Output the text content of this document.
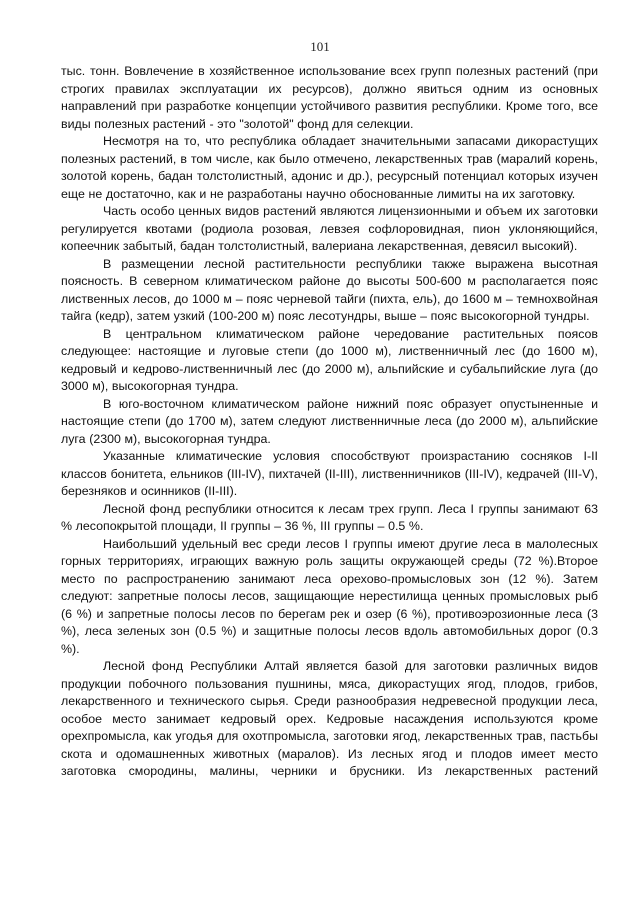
101

тыс. тонн. Вовлечение в хозяйственное использование всех групп полезных растений (при строгих правилах эксплуатации их ресурсов), должно явиться одним из основных направлений при разработке концепции устойчивого развития республики. Кроме того, все виды полезных растений - это "золотой" фонд для селекции.

Несмотря на то, что республика обладает значительными запасами дикорастущих полезных растений, в том числе, как было отмечено, лекарственных трав (маралий корень, золотой корень, бадан толстолистный, адонис и др.), ресурсный потенциал которых изучен еще не достаточно, как и не разработаны научно обоснованные лимиты на их заготовку.

Часть особо ценных видов растений являются лицензионными и объем их заготовки регулируется квотами (родиола розовая, левзея софлоровидная, пион уклоняющийся, копеечник забытый, бадан толстолистный, валериана лекарственная, девясил высокий).

В размещении лесной растительности республики также выражена высотная поясность. В северном климатическом районе до высоты 500-600 м располагается пояс лиственных лесов, до 1000 м – пояс черневой тайги (пихта, ель), до 1600 м – темнохвойная тайга (кедр), затем узкий (100-200 м) пояс лесотундры, выше – пояс высокогорной тундры.

В центральном климатическом районе чередование растительных поясов следующее: настоящие и луговые степи (до 1000 м), лиственничный лес (до 1600 м), кедровый и кедрово-лиственничный лес (до 2000 м), альпийские и субальпийские луга (до 3000 м), высокогорная тундра.

В юго-восточном климатическом районе нижний пояс образует опустыненные и настоящие степи (до 1700 м), затем следуют лиственничные леса (до 2000 м), альпийские луга (2300 м), высокогорная тундра.

Указанные климатические условия способствуют произрастанию сосняков I-II классов бонитета, ельников (III-IV), пихтачей (II-III), лиственничников (III-IV), кедрачей (III-V), березняков и осинников (II-III).

Лесной фонд республики относится к лесам трех групп. Леса I группы занимают 63 % лесопокрытой площади, II группы – 36 %, III группы – 0.5 %.

Наибольший удельный вес среди лесов I группы имеют другие леса в малолесных горных территориях, играющих важную роль защиты окружающей среды (72 %).Второе место по распространению занимают леса орехово-промысловых зон (12 %). Затем следуют: запретные полосы лесов, защищающие нерестилища ценных промысловых рыб (6 %) и запретные полосы лесов по берегам рек и озер (6 %), противоэрозионные леса (3 %), леса зеленых зон (0.5 %) и защитные полосы лесов вдоль автомобильных дорог (0.3 %).

Лесной фонд Республики Алтай является базой для заготовки различных видов продукции побочного пользования пушнины, мяса, дикорастущих ягод, плодов, грибов, лекарственного и технического сырья. Среди разнообразия недревесной продукции леса, особое место занимает кедровый орех. Кедровые насаждения используются кроме орехпромысла, как угодья для охотпромысла, заготовки ягод, лекарственных трав, пастьбы скота и одомашненных животных (маралов). Из лесных ягод и плодов имеет место заготовка смородины, малины, черники и брусники. Из лекарственных растений
